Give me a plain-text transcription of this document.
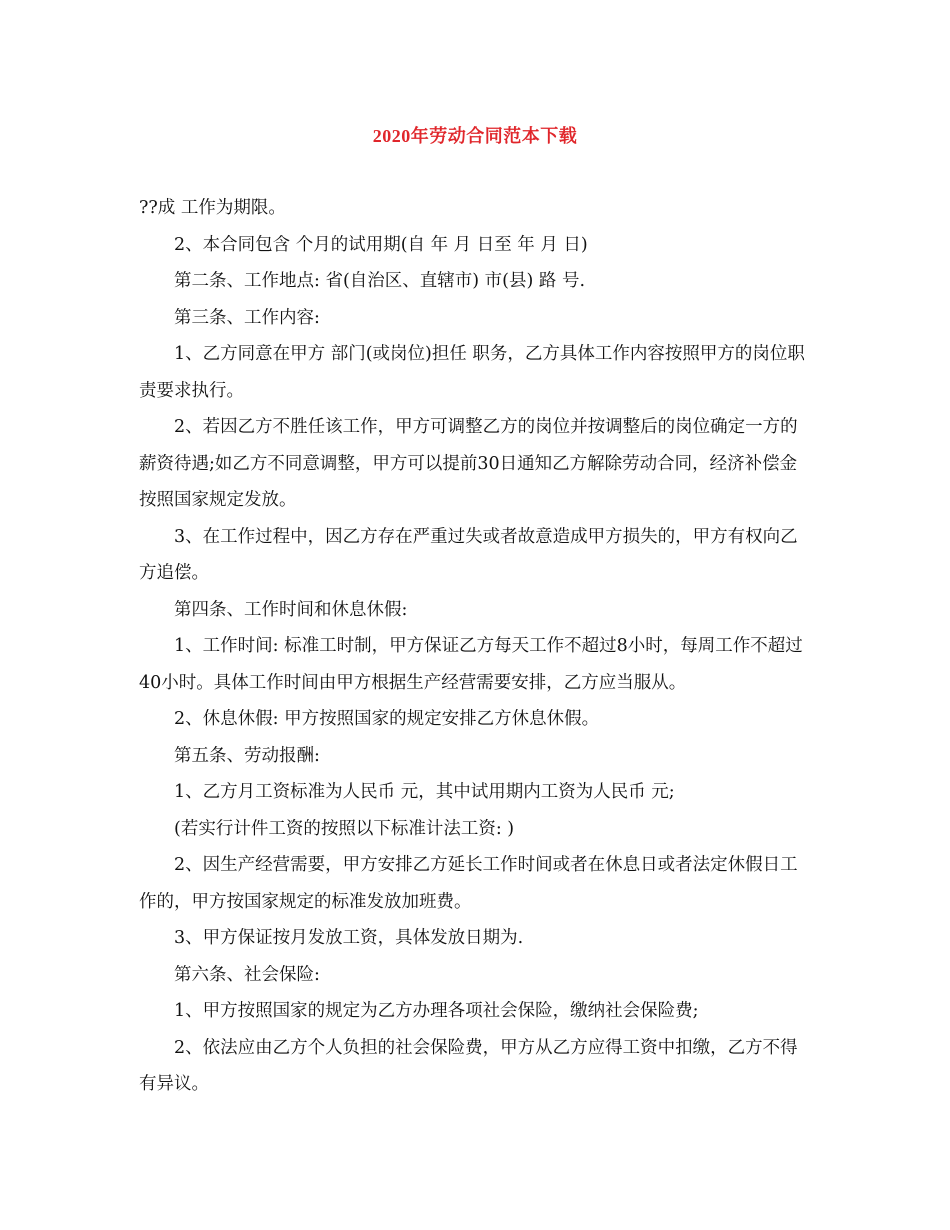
2020年劳动合同范本下载

??成 工作为期限。

2、本合同包含 个月的试用期(自 年 月 日至 年 月 日)

第二条、工作地点: 省(自治区、直辖市) 市(县) 路 号.

第三条、工作内容:

1、乙方同意在甲方 部门(或岗位)担任 职务，乙方具体工作内容按照甲方的岗位职责要求执行。

2、若因乙方不胜任该工作，甲方可调整乙方的岗位并按调整后的岗位确定一方的薪资待遇;如乙方不同意调整，甲方可以提前30日通知乙方解除劳动合同，经济补偿金按照国家规定发放。

3、在工作过程中，因乙方存在严重过失或者故意造成甲方损失的，甲方有权向乙方追偿。

第四条、工作时间和休息休假:

1、工作时间: 标准工时制，甲方保证乙方每天工作不超过8小时，每周工作不超过40小时。具体工作时间由甲方根据生产经营需要安排，乙方应当服从。

2、休息休假: 甲方按照国家的规定安排乙方休息休假。

第五条、劳动报酬:

1、乙方月工资标准为人民币 元，其中试用期内工资为人民币 元;

(若实行计件工资的按照以下标准计法工资: )

2、因生产经营需要，甲方安排乙方延长工作时间或者在休息日或者法定休假日工作的，甲方按国家规定的标准发放加班费。

3、甲方保证按月发放工资，具体发放日期为.

第六条、社会保险:

1、甲方按照国家的规定为乙方办理各项社会保险，缴纳社会保险费;

2、依法应由乙方个人负担的社会保险费，甲方从乙方应得工资中扣缴，乙方不得有异议。
